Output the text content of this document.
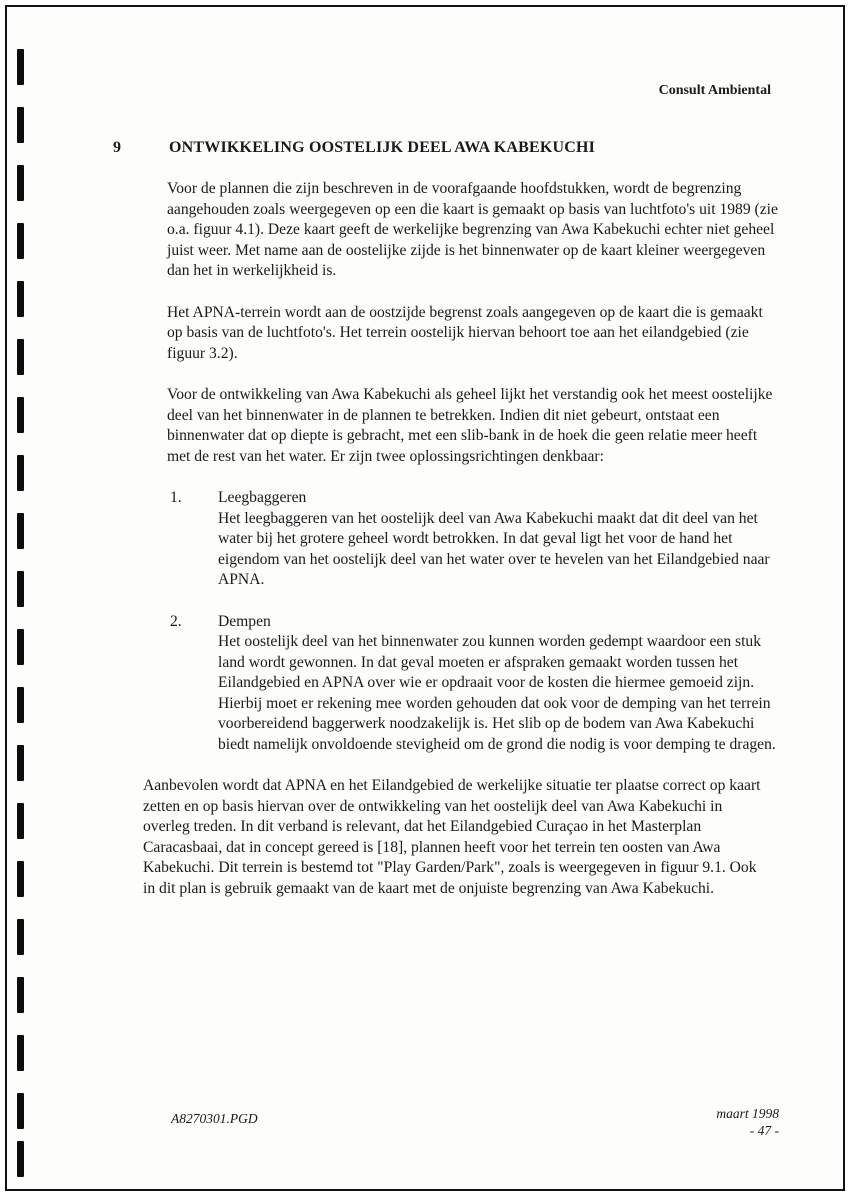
Consult Ambiental
9	ONTWIKKELING OOSTELIJK DEEL AWA KABEKUCHI

Voor de plannen die zijn beschreven in de voorafgaande hoofdstukken, wordt de begrenzing aangehouden zoals weergegeven op een die kaart is gemaakt op basis van luchtfoto's uit 1989 (zie o.a. figuur 4.1). Deze kaart geeft de werkelijke begrenzing van Awa Kabekuchi echter niet geheel juist weer. Met name aan de oostelijke zijde is het binnenwater op de kaart kleiner weergegeven dan het in werkelijkheid is.

Het APNA-terrein wordt aan de oostzijde begrenst zoals aangegeven op de kaart die is gemaakt op basis van de luchtfoto's. Het terrein oostelijk hiervan behoort toe aan het eilandgebied (zie figuur 3.2).

Voor de ontwikkeling van Awa Kabekuchi als geheel lijkt het verstandig ook het meest oostelijke deel van het binnenwater in de plannen te betrekken. Indien dit niet gebeurt, ontstaat een binnenwater dat op diepte is gebracht, met een slib-bank in de hoek die geen relatie meer heeft met de rest van het water. Er zijn twee oplossingsrichtingen denkbaar:

1. Leegbaggeren
Het leegbaggeren van het oostelijk deel van Awa Kabekuchi maakt dat dit deel van het water bij het grotere geheel wordt betrokken. In dat geval ligt het voor de hand het eigendom van het oostelijk deel van het water over te hevelen van het Eilandgebied naar APNA.
2. Dempen
Het oostelijk deel van het binnenwater zou kunnen worden gedempt waardoor een stuk land wordt gewonnen. In dat geval moeten er afspraken gemaakt worden tussen het Eilandgebied en APNA over wie er opdraait voor de kosten die hiermee gemoeid zijn. Hierbij moet er rekening mee worden gehouden dat ook voor de demping van het terrein voorbereidend baggerwerk noodzakelijk is. Het slib op de bodem van Awa Kabekuchi biedt namelijk onvoldoende stevigheid om de grond die nodig is voor demping te dragen.

Aanbevolen wordt dat APNA en het Eilandgebied de werkelijke situatie ter plaatse correct op kaart zetten en op basis hiervan over de ontwikkeling van het oostelijk deel van Awa Kabekuchi in overleg treden. In dit verband is relevant, dat het Eilandgebied Curaçao in het Masterplan Caracasbaai, dat in concept gereed is [18], plannen heeft voor het terrein ten oosten van Awa Kabekuchi. Dit terrein is bestemd tot "Play Garden/Park", zoals is weergegeven in figuur 9.1. Ook in dit plan is gebruik gemaakt van de kaart met de onjuiste begrenzing van Awa Kabekuchi.

A8270301.PGD	maart 1998
- 47 -
